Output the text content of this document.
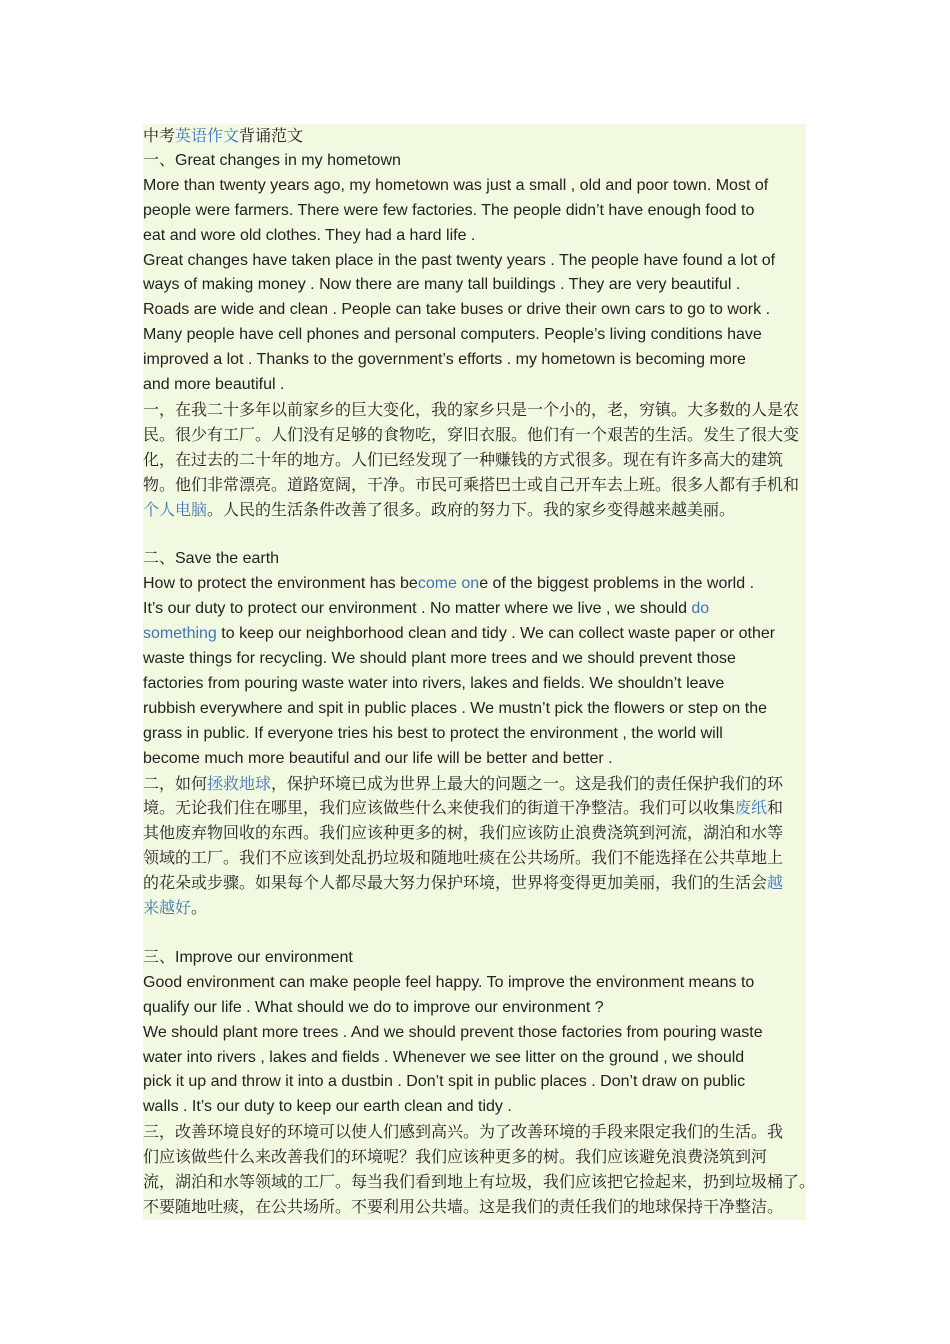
中考英语作文背诵范文
一、Great changes in my hometown
More than twenty years ago, my hometown was just a small , old and poor town. Most of
people were farmers. There were few factories. The people didn’t have enough food to
eat and wore old clothes. They had a hard life .
Great changes have taken place in the past twenty years . The people have found a lot of
ways of making money . Now there are many tall buildings . They are very beautiful .
Roads are wide and clean . People can take buses or drive their own cars to go to work .
Many people have cell phones and personal computers. People’s living conditions have
improved a lot . Thanks to the government’s efforts . my hometown is becoming more
and more beautiful .
一，在我二十多年以前家乡的巨大变化，我的家乡只是一个小的，老，穷镇。大多数的人是农
民。很少有工厂。人们没有足够的食物吃，穿旧衣服。他们有一个艰苦的生活。发生了很大变
化，在过去的二十年的地方。人们已经发现了一种赚钱的方式很多。现在有许多高大的建筑
物。他们非常漂亮。道路宽阔，干净。市民可乘搭巴士或自己开车去上班。很多人都有手机和
个人电脑。人民的生活条件改善了很多。政府的努力下。我的家乡变得越来越美丽。
二、Save the earth
How to protect the environment has become one of the biggest problems in the world .
It’s our duty to protect our environment . No matter where we live , we should do
something to keep our neighborhood clean and tidy . We can collect waste paper or other
waste things for recycling. We should plant more trees and we should prevent those
factories from pouring waste water into rivers, lakes and fields. We shouldn’t leave
rubbish everywhere and spit in public places . We mustn’t pick the flowers or step on the
grass in public. If everyone tries his best to protect the environment , the world will
become much more beautiful and our life will be better and better .
二，如何拯救地球，保护环境已成为世界上最大的问题之一。这是我们的责任保护我们的环
境。无论我们住在哪里，我们应该做些什么来使我们的街道干净整洁。我们可以收集废纸和
其他废弃物回收的东西。我们应该种更多的树，我们应该防止浪费浇筑到河流，湖泊和水等
领域的工厂。我们不应该到处乱扔垃圾和随地吐痰在公共场所。我们不能选择在公共草地上
的花朵或步骤。如果每个人都尽最大努力保护环境，世界将变得更加美丽，我们的生活会越
来越好。
三、Improve our environment
Good environment can make people feel happy. To improve the environment means to
qualify our life . What should we do to improve our environment ?
We should plant more trees . And we should prevent those factories from pouring waste
water into rivers , lakes and fields . Whenever we see litter on the ground , we should
pick it up and throw it into a dustbin . Don’t spit in public places . Don’t draw on public
walls . It’s our duty to keep our earth clean and tidy .
三，改善环境良好的环境可以使人们感到高兴。为了改善环境的手段来限定我们的生活。我
们应该做些什么来改善我们的环境呢？我们应该种更多的树。我们应该避免浪费浇筑到河
流，湖泊和水等领域的工厂。每当我们看到地上有垃圾，我们应该把它捡起来，扔到垃圾桶了。
不要随地吐痰，在公共场所。不要利用公共墙。这是我们的责任我们的地球保持干净整洁。
